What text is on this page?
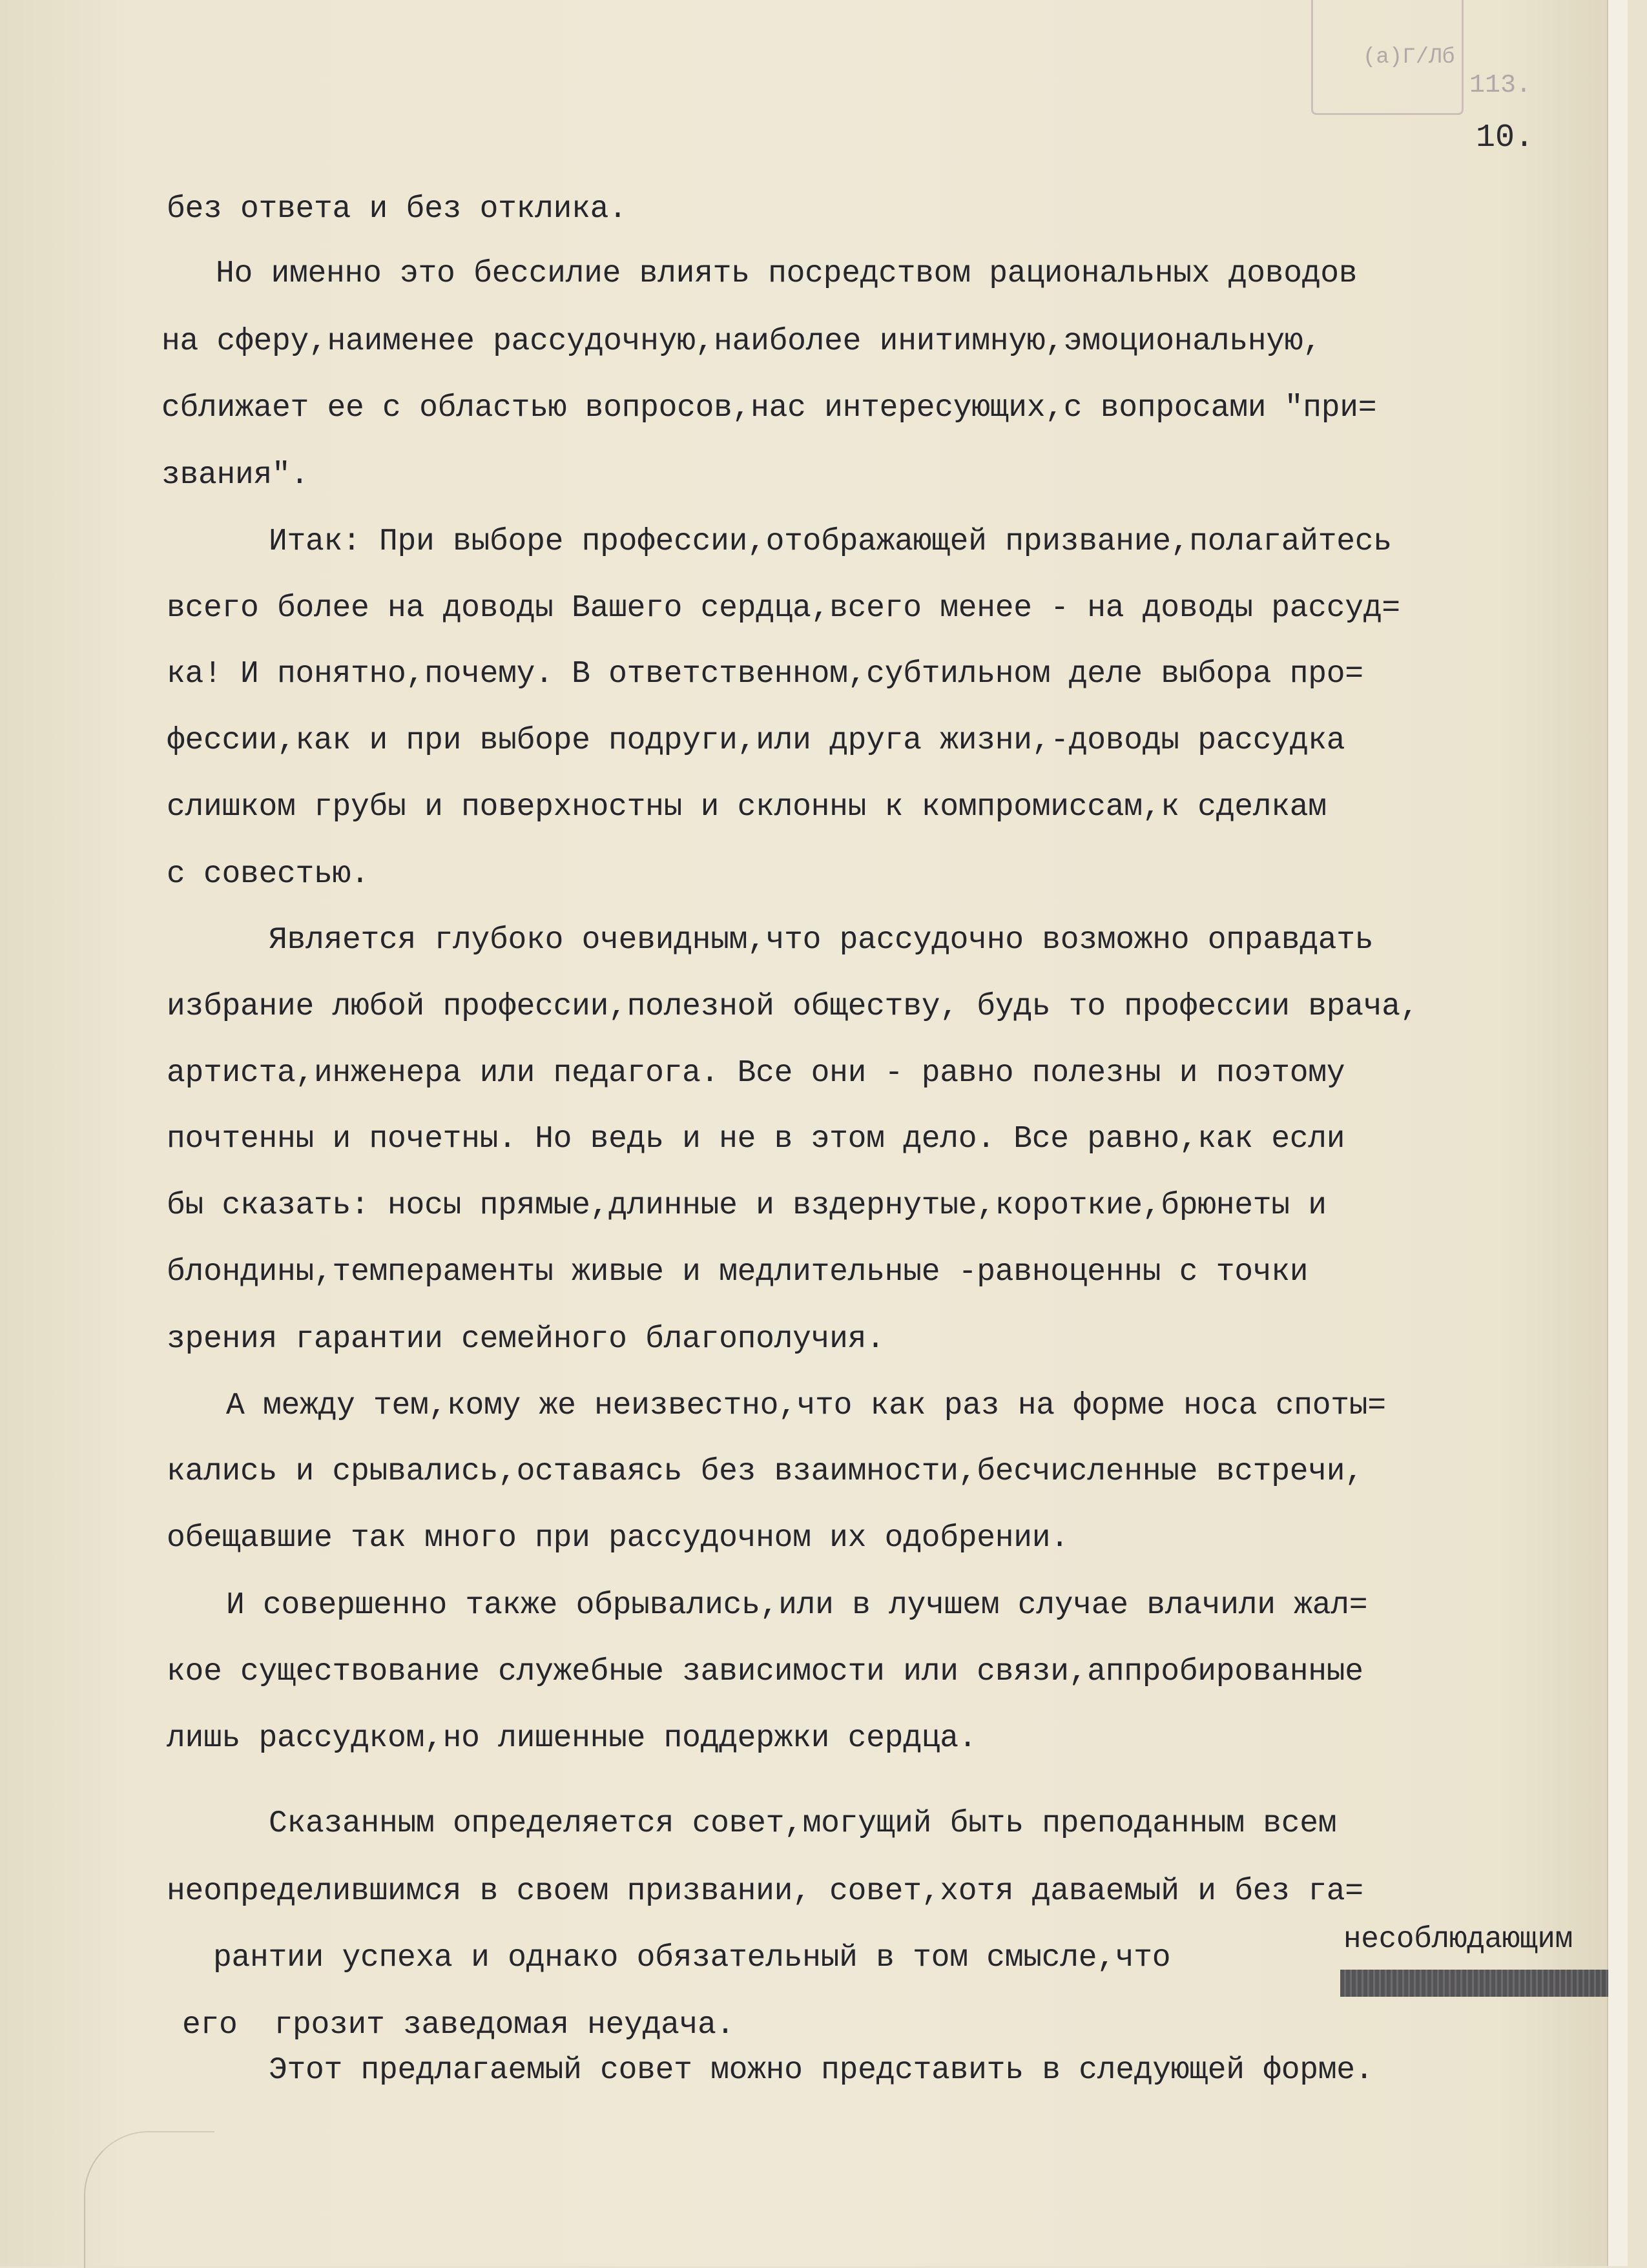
(а)Г/Лб
113.
10.
без ответа и без отклика.
Но именно это бессилие влиять посредством рациональных доводов
на сферу,наименее рассудочную,наиболее инитимную,эмоциональную,
сближает ее с областью вопросов,нас интересующих,с вопросами "при=
звания".
Итак: При выборе профессии,отображающей призвание,полагайтесь
всего более на доводы Вашего сердца,всего менее - на доводы рассуд=
ка! И понятно,почему. В ответственном,субтильном деле выбора про=
фессии,как и при выборе подруги,или друга жизни,-доводы рассудка
слишком грубы и поверхностны и склонны к компромиссам,к сделкам
с совестью.
Является глубоко очевидным,что рассудочно возможно оправдать
избрание любой профессии,полезной обществу, будь то профессии врача,
артиста,инженера или педагога. Все они - равно полезны и поэтому
почтенны и почетны. Но ведь и не в этом дело. Все равно,как если
бы сказать: носы прямые,длинные и вздернутые,короткие,брюнеты и
блондины,темпераменты живые и медлительные -равноценны с точки
зрения гарантии семейного благополучия.
А между тем,кому же неизвестно,что как раз на форме носа споты=
кались и срывались,оставаясь без взаимности,бесчисленные встречи,
обещавшие так много при рассудочном их одобрении.
И совершенно также обрывались,или в лучшем случае влачили жал=
кое существование служебные зависимости или связи,аппробированные
лишь рассудком,но лишенные поддержки сердца.
Сказанным определяется совет,могущий быть преподанным всем
неопределившимся в своем призвании, совет,хотя даваемый и без га=
несоблюдающим
рантии успеха и однако обязательный в том смысле,что
его  грозит заведомая неудача.
Этот предлагаемый совет можно представить в следующей форме.
